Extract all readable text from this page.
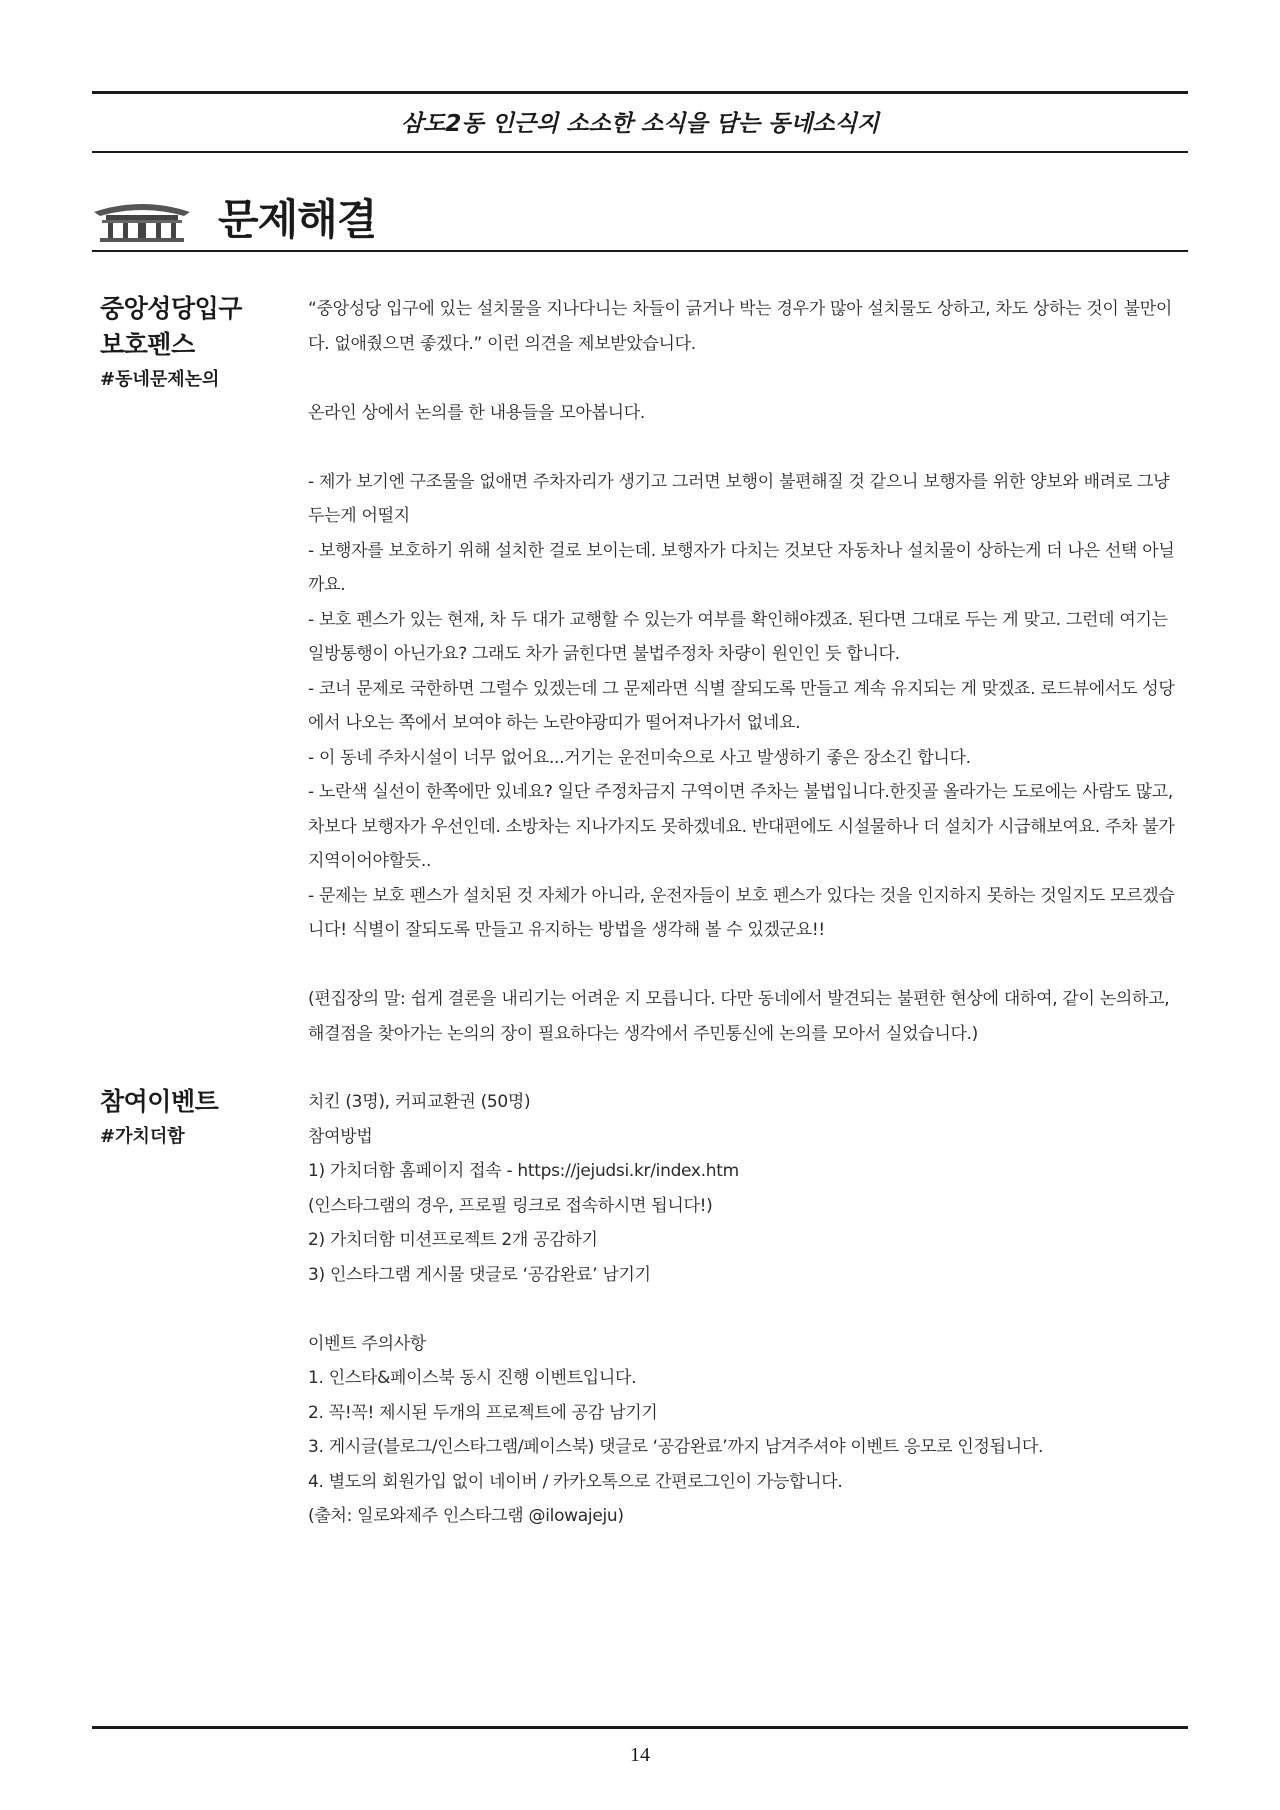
삼도2동 인근의 소소한 소식을 담는 동네소식지
문제해결
중앙성당입구
보호펜스
#동네문제논의

“중앙성당 입구에 있는 설치물을 지나다니는 차들이 긁거나 박는 경우가 많아 설치물도 상하고, 차도 상하는 것이 불만이다. 없애줬으면 좋겠다.” 이런 의견을 제보받았습니다.

온라인 상에서 논의를 한 내용들을 모아봅니다.

- 제가 보기엔 구조물을 없애면 주차자리가 생기고 그러면 보행이 불편해질 것 같으니 보행자를 위한 양보와 배려로 그냥 두는게 어떨지

- 보행자를 보호하기 위해 설치한 걸로 보이는데. 보행자가 다치는 것보단 자동차나 설치물이 상하는게 더 나은 선택 아닐까요.

- 보호 펜스가 있는 현재, 차 두 대가 교행할 수 있는가 여부를 확인해야겠죠. 된다면 그대로 두는 게 맞고. 그런데 여기는 일방통행이 아닌가요? 그래도 차가 긁힌다면 불법주정차 차량이 원인인 듯 합니다.

- 코너 문제로 국한하면 그럴수 있겠는데 그 문제라면 식별 잘되도록 만들고 계속 유지되는 게 맞겠죠. 로드뷰에서도 성당에서 나오는 쪽에서 보여야 하는 노란야광띠가 떨어져나가서 없네요.

- 이 동네 주차시설이 너무 없어요...거기는 운전미숙으로 사고 발생하기 좋은 장소긴 합니다.

- 노란색 실선이 한쪽에만 있네요? 일단 주정차금지 구역이면 주차는 불법입니다.한짓골 올라가는 도로에는 사람도 많고,차보다 보행자가 우선인데. 소방차는 지나가지도 못하겠네요. 반대편에도 시설물하나 더 설치가 시급해보여요. 주차 불가지역이어야할듯..

- 문제는 보호 펜스가 설치된 것 자체가 아니라, 운전자들이 보호 펜스가 있다는 것을 인지하지 못하는 것일지도 모르겠습니다! 식별이 잘되도록 만들고 유지하는 방법을 생각해 볼 수 있겠군요!!

(편집장의 말: 쉽게 결론을 내리기는 어려운 지 모릅니다. 다만 동네에서 발견되는 불편한 현상에 대하여, 같이 논의하고, 해결점을 찾아가는 논의의 장이 필요하다는 생각에서 주민통신에 논의를 모아서 실었습니다.)

참여이벤트
#가치더함

치킨 (3명), 커피교환권 (50명)

참여방법

1) 가치더함 홈페이지 접속 - https://jejudsi.kr/index.htm

(인스타그램의 경우, 프로필 링크로 접속하시면 됩니다!)

2) 가치더함 미션프로젝트 2개 공감하기

3) 인스타그램 게시물 댓글로 ‘공감완료’ 남기기

이벤트 주의사항

1. 인스타&페이스북 동시 진행 이벤트입니다.

2. 꼭!꼭! 제시된 두개의 프로젝트에 공감 남기기

3. 게시글(블로그/인스타그램/페이스북) 댓글로 ‘공감완료’까지 남겨주셔야 이벤트 응모로 인정됩니다.

4. 별도의 회원가입 없이 네이버 / 카카오톡으로 간편로그인이 가능합니다.

(출처: 일로와제주 인스타그램 @ilowajeju)

14
